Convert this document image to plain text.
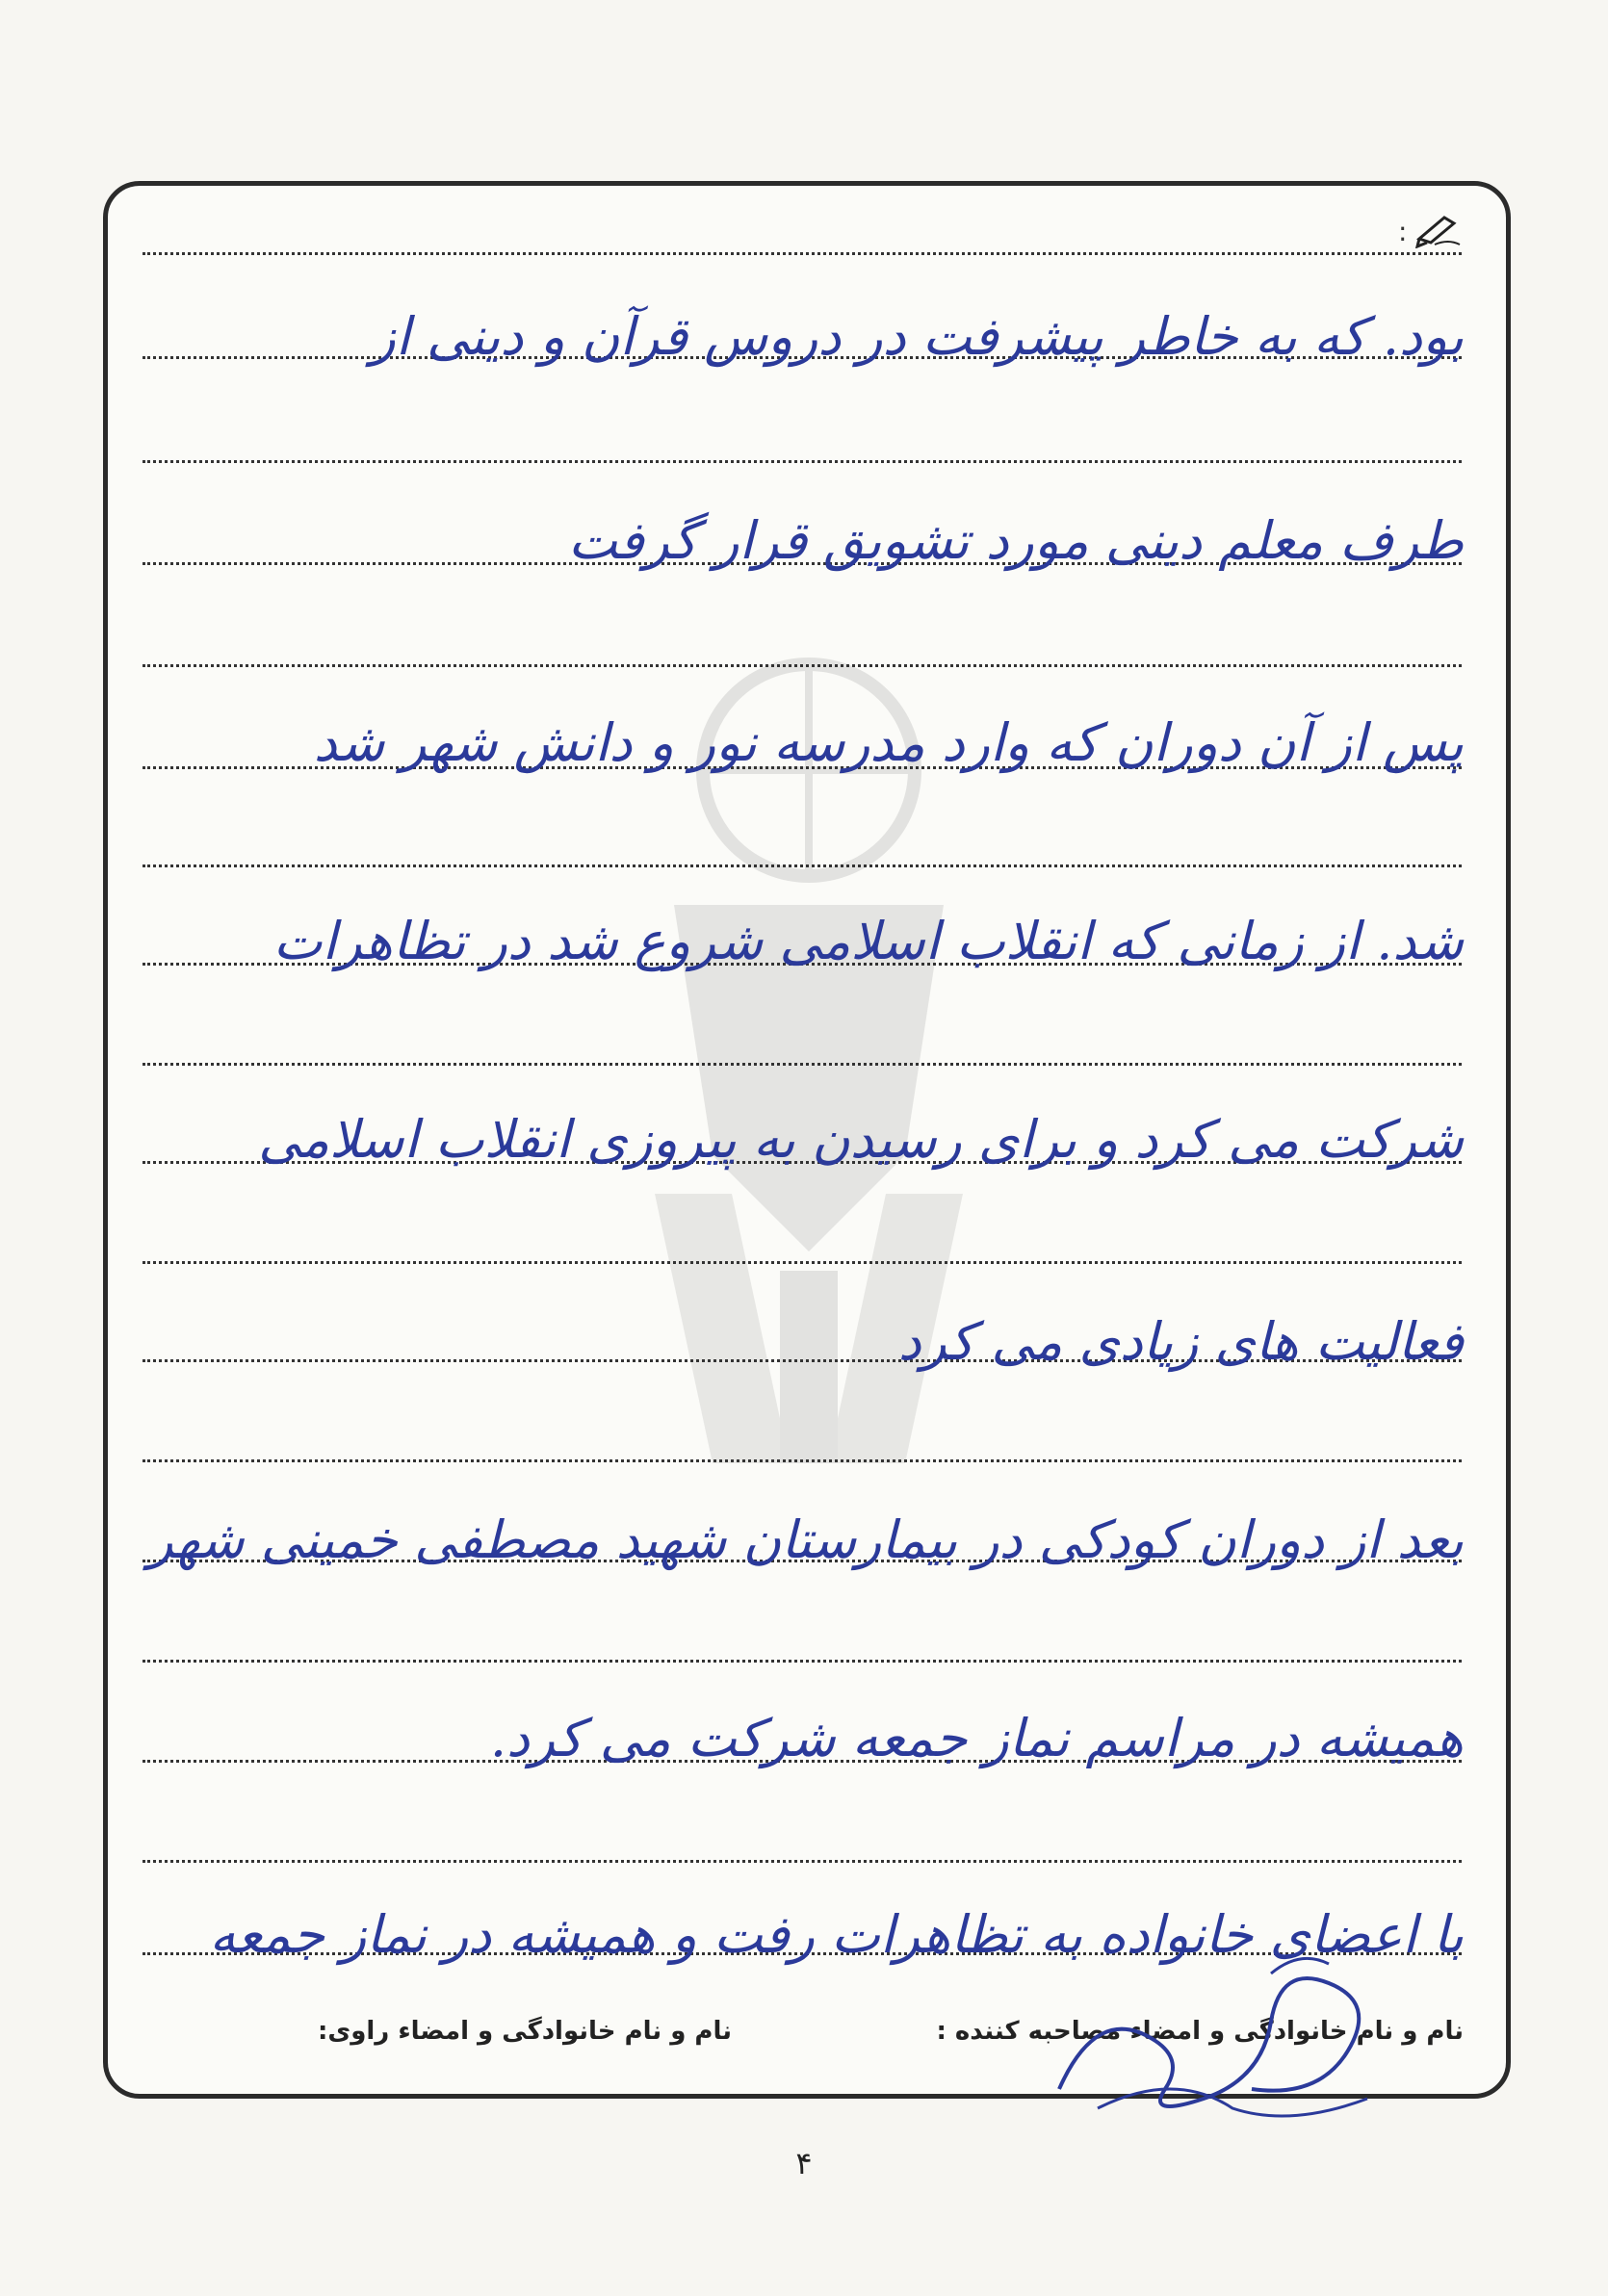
:
بود. که به خاطر پیشرفت در دروس قرآن و دینی از
طرف معلم دینی مورد تشویق قرار گرفت
پس از آن دوران که وارد مدرسه نور و دانش شهر شد
شد. از زمانی که انقلاب اسلامی شروع شد در تظاهرات
شرکت می کرد و برای رسیدن به پیروزی انقلاب اسلامی
فعالیت های زیادی می کرد
بعد از دوران کودکی در بیمارستان شهید مصطفی خمینی شهر
همیشه در مراسم نماز جمعه شرکت می کرد.
با اعضای خانواده به تظاهرات رفت و همیشه در نماز جمعه
نام و نام خانوادگی و امضاء مصاحبه کننده :
نام و نام خانوادگی و امضاء راوی:
۴
